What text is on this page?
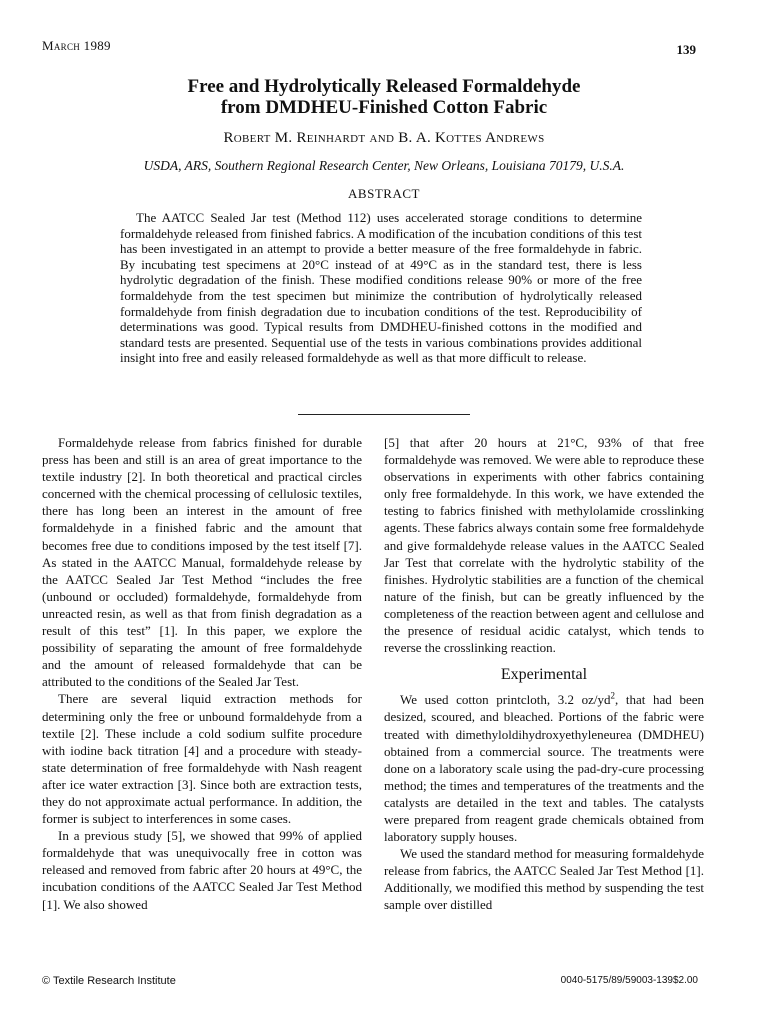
March 1989	139
Free and Hydrolytically Released Formaldehyde
from DMDHEU-Finished Cotton Fabric
Robert M. Reinhardt and B. A. Kottes Andrews
USDA, ARS, Southern Regional Research Center, New Orleans, Louisiana 70179, U.S.A.
ABSTRACT

The AATCC Sealed Jar test (Method 112) uses accelerated storage conditions to determine formaldehyde released from finished fabrics. A modification of the incubation conditions of this test has been investigated in an attempt to provide a better measure of the free formaldehyde in fabric. By incubating test specimens at 20°C instead of at 49°C as in the standard test, there is less hydrolytic degradation of the finish. These modified conditions release 90% or more of the free formaldehyde from the test specimen but minimize the contribution of hydrolytically released formaldehyde from finish degradation due to incubation conditions of the test. Reproducibility of determinations was good. Typical results from DMDHEU-finished cottons in the modified and standard tests are presented. Sequential use of the tests in various combinations provides additional insight into free and easily released formaldehyde as well as that more difficult to release.

Formaldehyde release from fabrics finished for durable press has been and still is an area of great importance to the textile industry [2]. In both theoretical and practical circles concerned with the chemical processing of cellulosic textiles, there has long been an interest in the amount of free formaldehyde in a finished fabric and the amount that becomes free due to conditions imposed by the test itself [7]. As stated in the AATCC Manual, formaldehyde release by the AATCC Sealed Jar Test Method “includes the free (unbound or occluded) formaldehyde, formaldehyde from unreacted resin, as well as that from finish degradation as a result of this test” [1]. In this paper, we explore the possibility of separating the amount of free formaldehyde and the amount of released formaldehyde that can be attributed to the conditions of the Sealed Jar Test.

There are several liquid extraction methods for determining only the free or unbound formaldehyde from a textile [2]. These include a cold sodium sulfite procedure with iodine back titration [4] and a procedure with steady-state determination of free formaldehyde with Nash reagent after ice water extraction [3]. Since both are extraction tests, they do not approximate actual performance. In addition, the former is subject to interferences in some cases.

In a previous study [5], we showed that 99% of applied formaldehyde that was unequivocally free in cotton was released and removed from fabric after 20 hours at 49°C, the incubation conditions of the AATCC Sealed Jar Test Method [1]. We also showed

[5] that after 20 hours at 21°C, 93% of that free formaldehyde was removed. We were able to reproduce these observations in experiments with other fabrics containing only free formaldehyde. In this work, we have extended the testing to fabrics finished with methylolamide crosslinking agents. These fabrics always contain some free formaldehyde and give formaldehyde release values in the AATCC Sealed Jar Test that correlate with the hydrolytic stability of the finishes. Hydrolytic stabilities are a function of the chemical nature of the finish, but can be greatly influenced by the completeness of the reaction between agent and cellulose and the presence of residual acidic catalyst, which tends to reverse the crosslinking reaction.

Experimental

We used cotton printcloth, 3.2 $oz/yd^2$, that had been desized, scoured, and bleached. Portions of the fabric were treated with dimethyloldihydroxyethyleneurea (DMDHEU) obtained from a commercial source. The treatments were done on a laboratory scale using the pad-dry-cure processing method; the times and temperatures of the treatments and the catalysts are detailed in the text and tables. The catalysts were prepared from reagent grade chemicals obtained from laboratory supply houses.

We used the standard method for measuring formaldehyde release from fabrics, the AATCC Sealed Jar Test Method [1]. Additionally, we modified this method by suspending the test sample over distilled

© Textile Research Institute	0040-5175/89/59003-139$2.00
